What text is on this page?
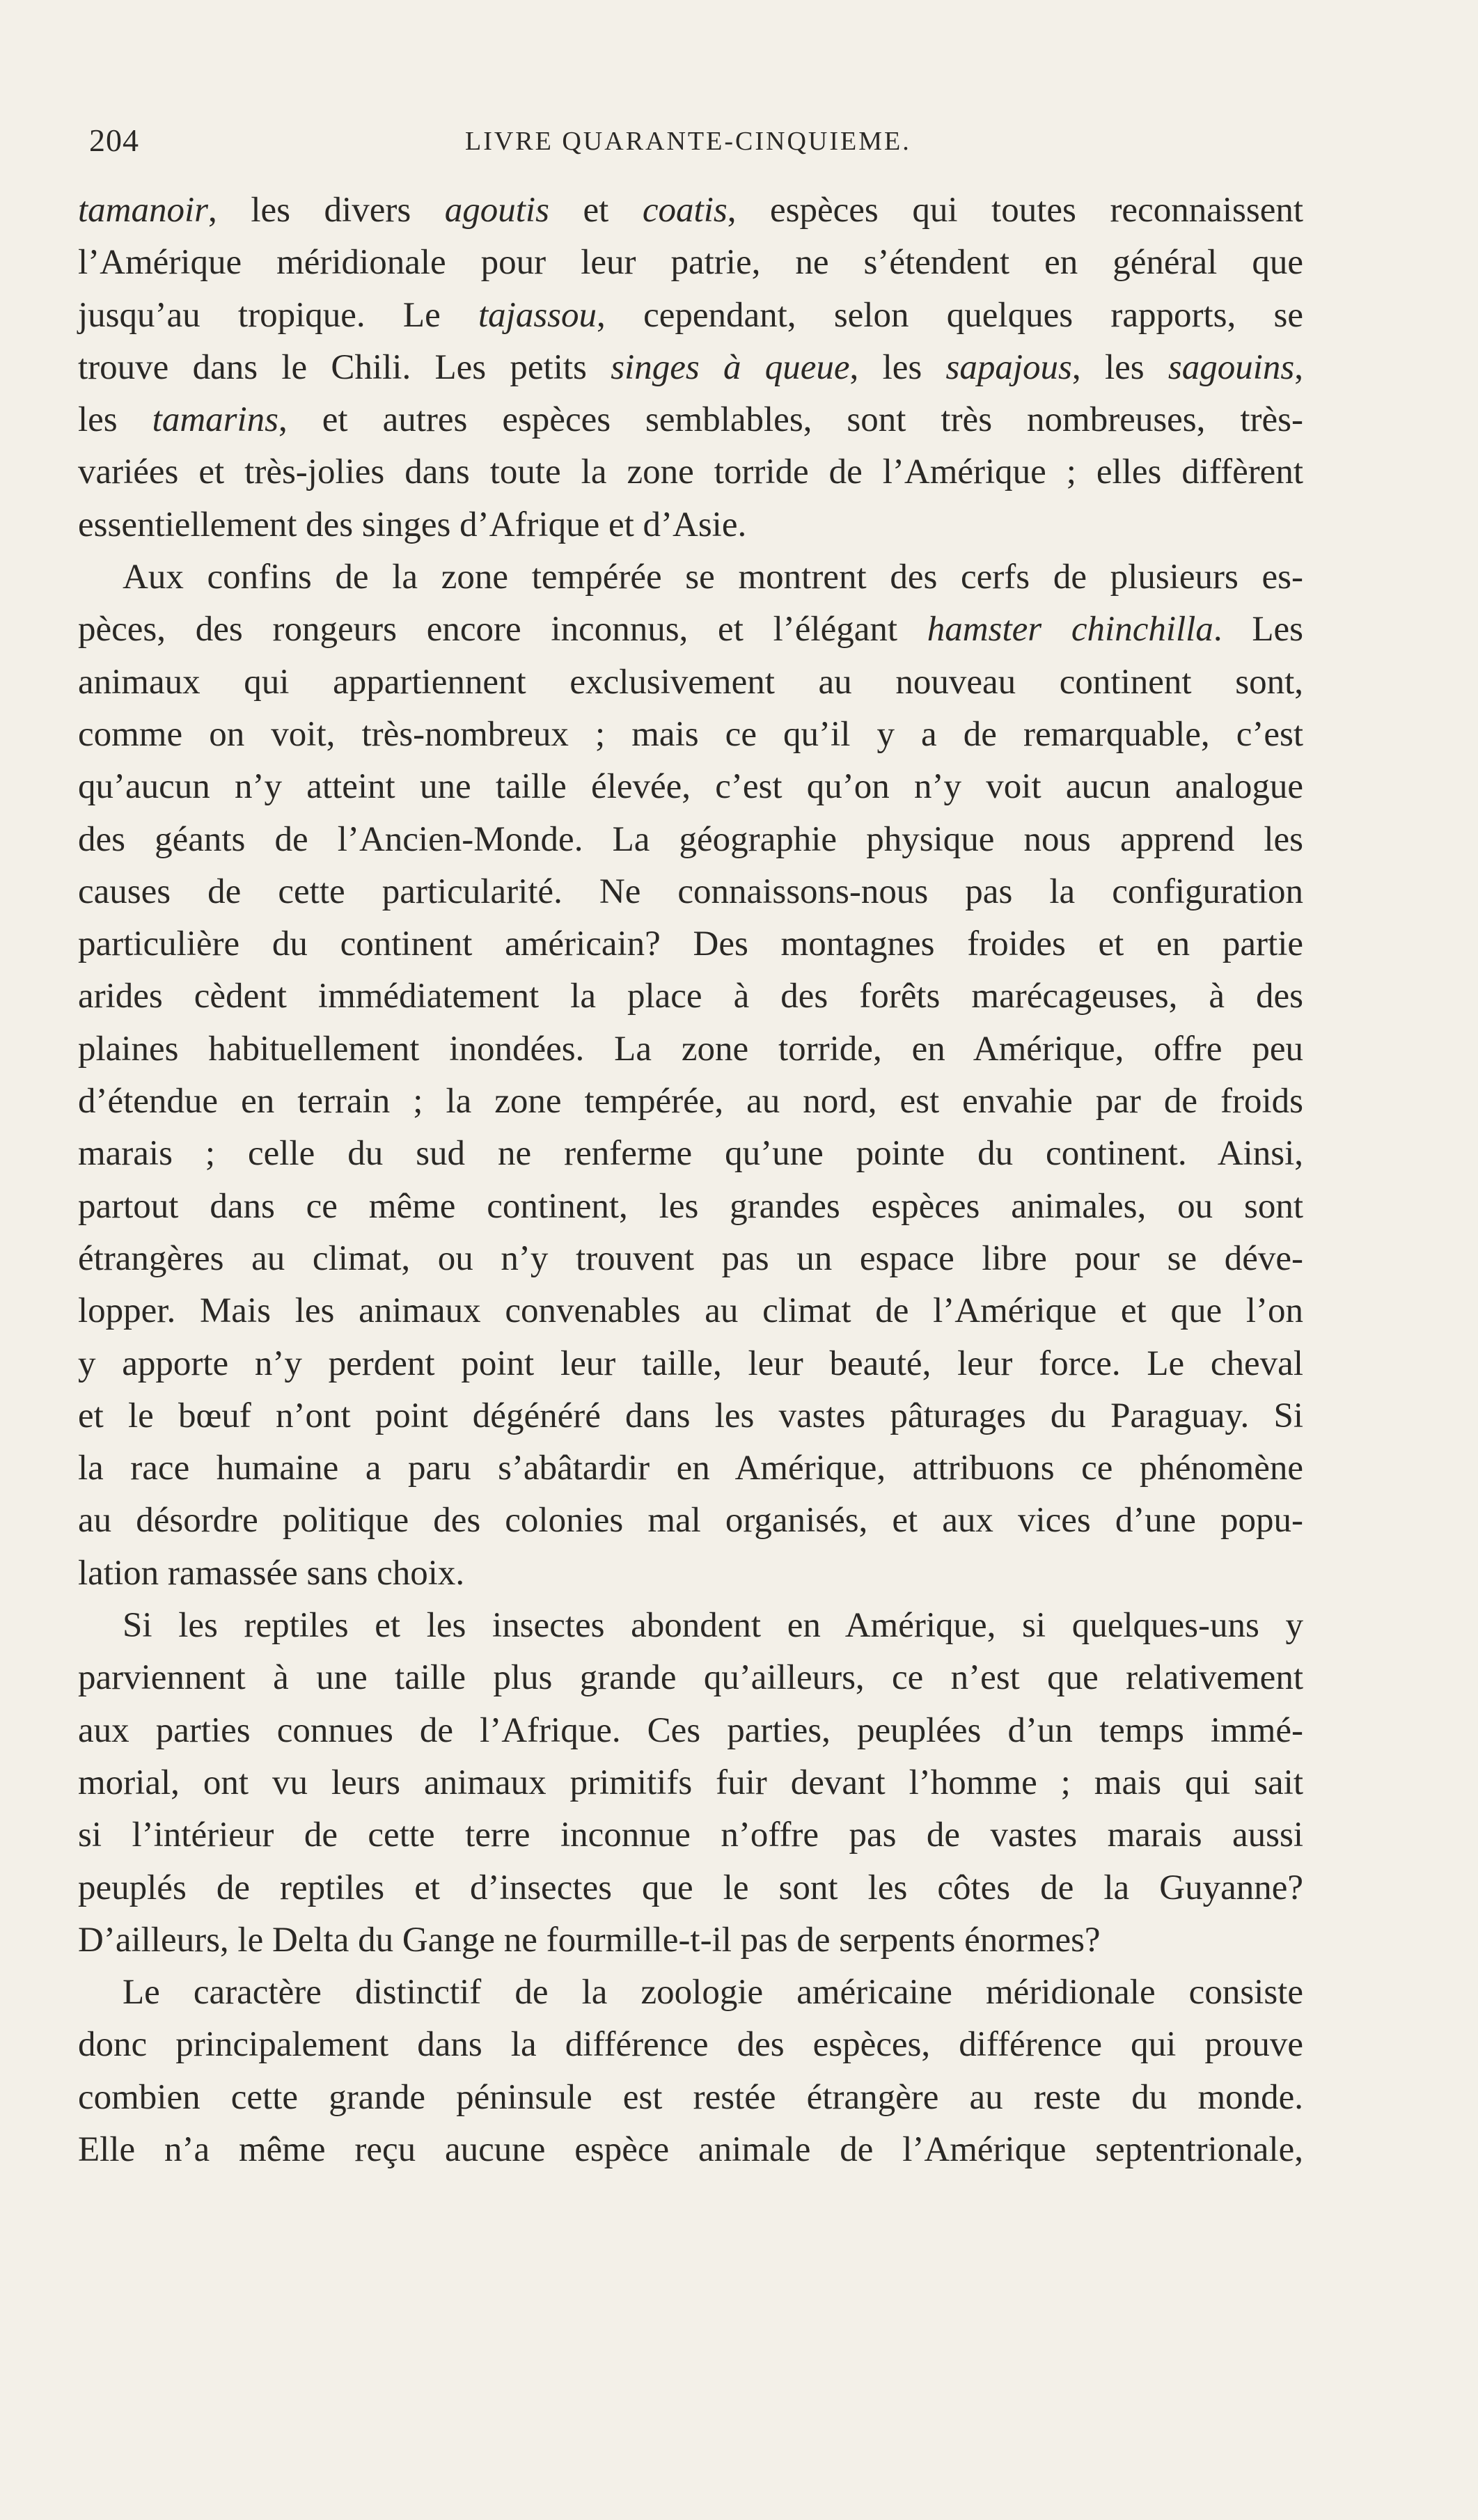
204	LIVRE QUARANTE-CINQUIEME.
tamanoir, les divers agoutis et coatis, espèces qui toutes reconnaissent
l’Amérique méridionale pour leur patrie, ne s’étendent en général que
jusqu’au tropique. Le tajassou, cependant, selon quelques rapports, se
trouve dans le Chili. Les petits singes à queue, les sapajous, les sagouins,
les tamarins, et autres espèces semblables, sont très nombreuses, très-
variées et très-jolies dans toute la zone torride de l’Amérique ; elles diffèrent
essentiellement des singes d’Afrique et d’Asie.
Aux confins de la zone tempérée se montrent des cerfs de plusieurs es-
pèces, des rongeurs encore inconnus, et l’élégant hamster chinchilla. Les
animaux qui appartiennent exclusivement au nouveau continent sont,
comme on voit, très-nombreux ; mais ce qu’il y a de remarquable, c’est
qu’aucun n’y atteint une taille élevée, c’est qu’on n’y voit aucun analogue
des géants de l’Ancien-Monde. La géographie physique nous apprend les
causes de cette particularité. Ne connaissons-nous pas la configuration
particulière du continent américain? Des montagnes froides et en partie
arides cèdent immédiatement la place à des forêts marécageuses, à des
plaines habituellement inondées. La zone torride, en Amérique, offre peu
d’étendue en terrain ; la zone tempérée, au nord, est envahie par de froids
marais ; celle du sud ne renferme qu’une pointe du continent. Ainsi,
partout dans ce même continent, les grandes espèces animales, ou sont
étrangères au climat, ou n’y trouvent pas un espace libre pour se déve-
lopper. Mais les animaux convenables au climat de l’Amérique et que l’on
y apporte n’y perdent point leur taille, leur beauté, leur force. Le cheval
et le bœuf n’ont point dégénéré dans les vastes pâturages du Paraguay. Si
la race humaine a paru s’abâtardir en Amérique, attribuons ce phénomène
au désordre politique des colonies mal organisés, et aux vices d’une popu-
lation ramassée sans choix.
Si les reptiles et les insectes abondent en Amérique, si quelques-uns y
parviennent à une taille plus grande qu’ailleurs, ce n’est que relativement
aux parties connues de l’Afrique. Ces parties, peuplées d’un temps immé-
morial, ont vu leurs animaux primitifs fuir devant l’homme ; mais qui sait
si l’intérieur de cette terre inconnue n’offre pas de vastes marais aussi
peuplés de reptiles et d’insectes que le sont les côtes de la Guyanne?
D’ailleurs, le Delta du Gange ne fourmille-t-il pas de serpents énormes?
Le caractère distinctif de la zoologie américaine méridionale consiste
donc principalement dans la différence des espèces, différence qui prouve
combien cette grande péninsule est restée étrangère au reste du monde.
Elle n’a même reçu aucune espèce animale de l’Amérique septentrionale,
